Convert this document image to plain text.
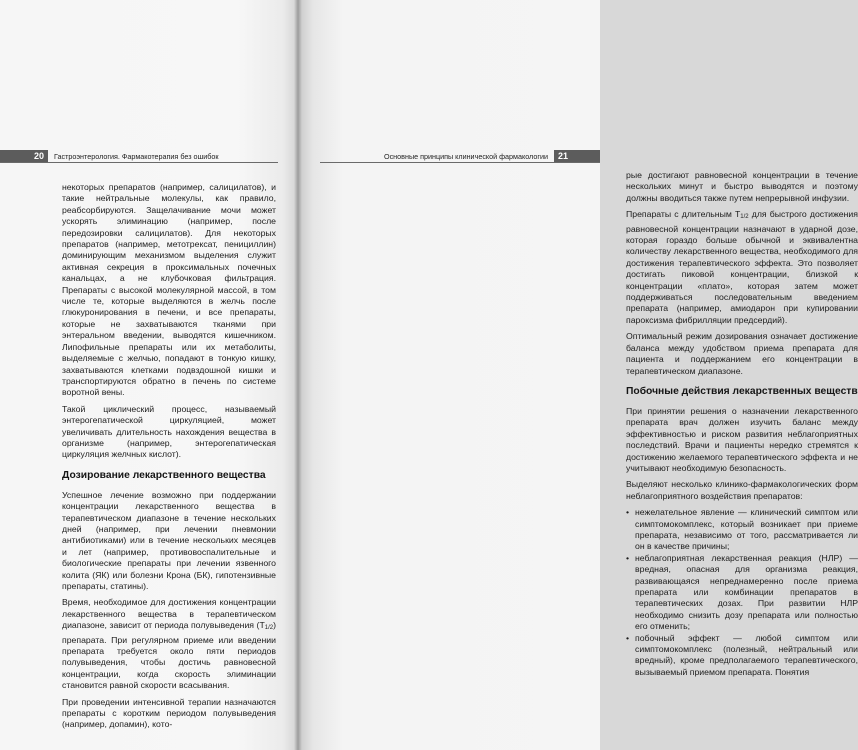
20	Гастроэнтерология. Фармакотерапия без ошибок

некоторых препаратов (например, салицилатов), и такие нейтральные молекулы, как правило, реабсорбируются. Защелачивание мочи может ускорять элиминацию (например, после передозировки салицилатов). Для некоторых препаратов (например, метотрексат, пенициллин) доминирующим механизмом выделения служит активная секреция в проксимальных почечных канальцах, а не клубочковая фильтрация. Препараты с высокой молекулярной массой, в том числе те, которые выделяются в желчь после глюкуронирования в печени, и все препараты, которые не захватываются тканями при энтеральном введении, выводятся кишечником. Липофильные препараты или их метаболиты, выделяемые с желчью, попадают в тонкую кишку, захватываются клетками подвздошной кишки и транспортируются обратно в печень по системе воротной вены.

Такой циклический процесс, называемый энтерогепатической циркуляцией, может увеличивать длительность нахождения вещества в организме (например, энтерогепатическая циркуляция желчных кислот).

Дозирование лекарственного вещества

Успешное лечение возможно при поддержании концентрации лекарственного вещества в терапевтическом диапазоне в течение нескольких дней (например, при лечении пневмонии антибиотиками) или в течение нескольких месяцев и лет (например, противовоспалительные и биологические препараты при лечении язвенного колита (ЯК) или болезни Крона (БК), гипотензивные препараты, статины).

Время, необходимое для достижения концентрации лекарственного вещества в терапевтическом диапазоне, зависит от периода полувыведения (T1/2) препарата. При регулярном приеме или введении препарата требуется около пяти периодов полувыведения, чтобы достичь равновесной концентрации, когда скорость элиминации становится равной скорости всасывания.

При проведении интенсивной терапии назначаются препараты с коротким периодом полувыведения (например, допамин), кото-

рые достигают равновесной концентрации в течение нескольких минут и быстро выводятся и поэтому должны вводиться также путем непрерывной инфузии.

Препараты с длительным T1/2 для быстрого достижения равновесной концентрации назначают в ударной дозе, которая гораздо больше обычной и эквивалентна количеству лекарственного вещества, необходимого для достижения терапевтического эффекта. Это позволяет достигать пиковой концентрации, близкой к концентрации «плато», которая затем может поддерживаться последовательным введением препарата (например, амиодарон при купировании пароксизма фибрилляции предсердий).

Оптимальный режим дозирования означает достижение баланса между удобством приема препарата для пациента и поддержанием его концентрации в терапевтическом диапазоне.

Побочные действия лекарственных веществ

При принятии решения о назначении лекарственного препарата врач должен изучить баланс между эффективностью и риском развития неблагоприятных последствий. Врачи и пациенты нередко стремятся к достижению желаемого терапевтического эффекта и не учитывают необходимую безопасность.

Выделяют несколько клинико-фармакологических форм неблагоприятного воздействия препаратов:

• нежелательное явление — клинический симптом или симптомокомплекс, который возникает при приеме препарата, независимо от того, рассматривается ли он в качестве причины;
• неблагоприятная лекарственная реакция (НЛР) — вредная, опасная для организма реакция, развивающаяся непреднамеренно после приема препарата или комбинации препаратов в терапевтических дозах. При развитии НЛР необходимо снизить дозу препарата или полностью его отменить;
• побочный эффект — любой симптом или симптомокомплекс (полезный, нейтральный или вредный), кроме предполагаемого терапевтического, вызываемый приемом препарата. Понятия
Основные принципы клинической фармакологии	21
